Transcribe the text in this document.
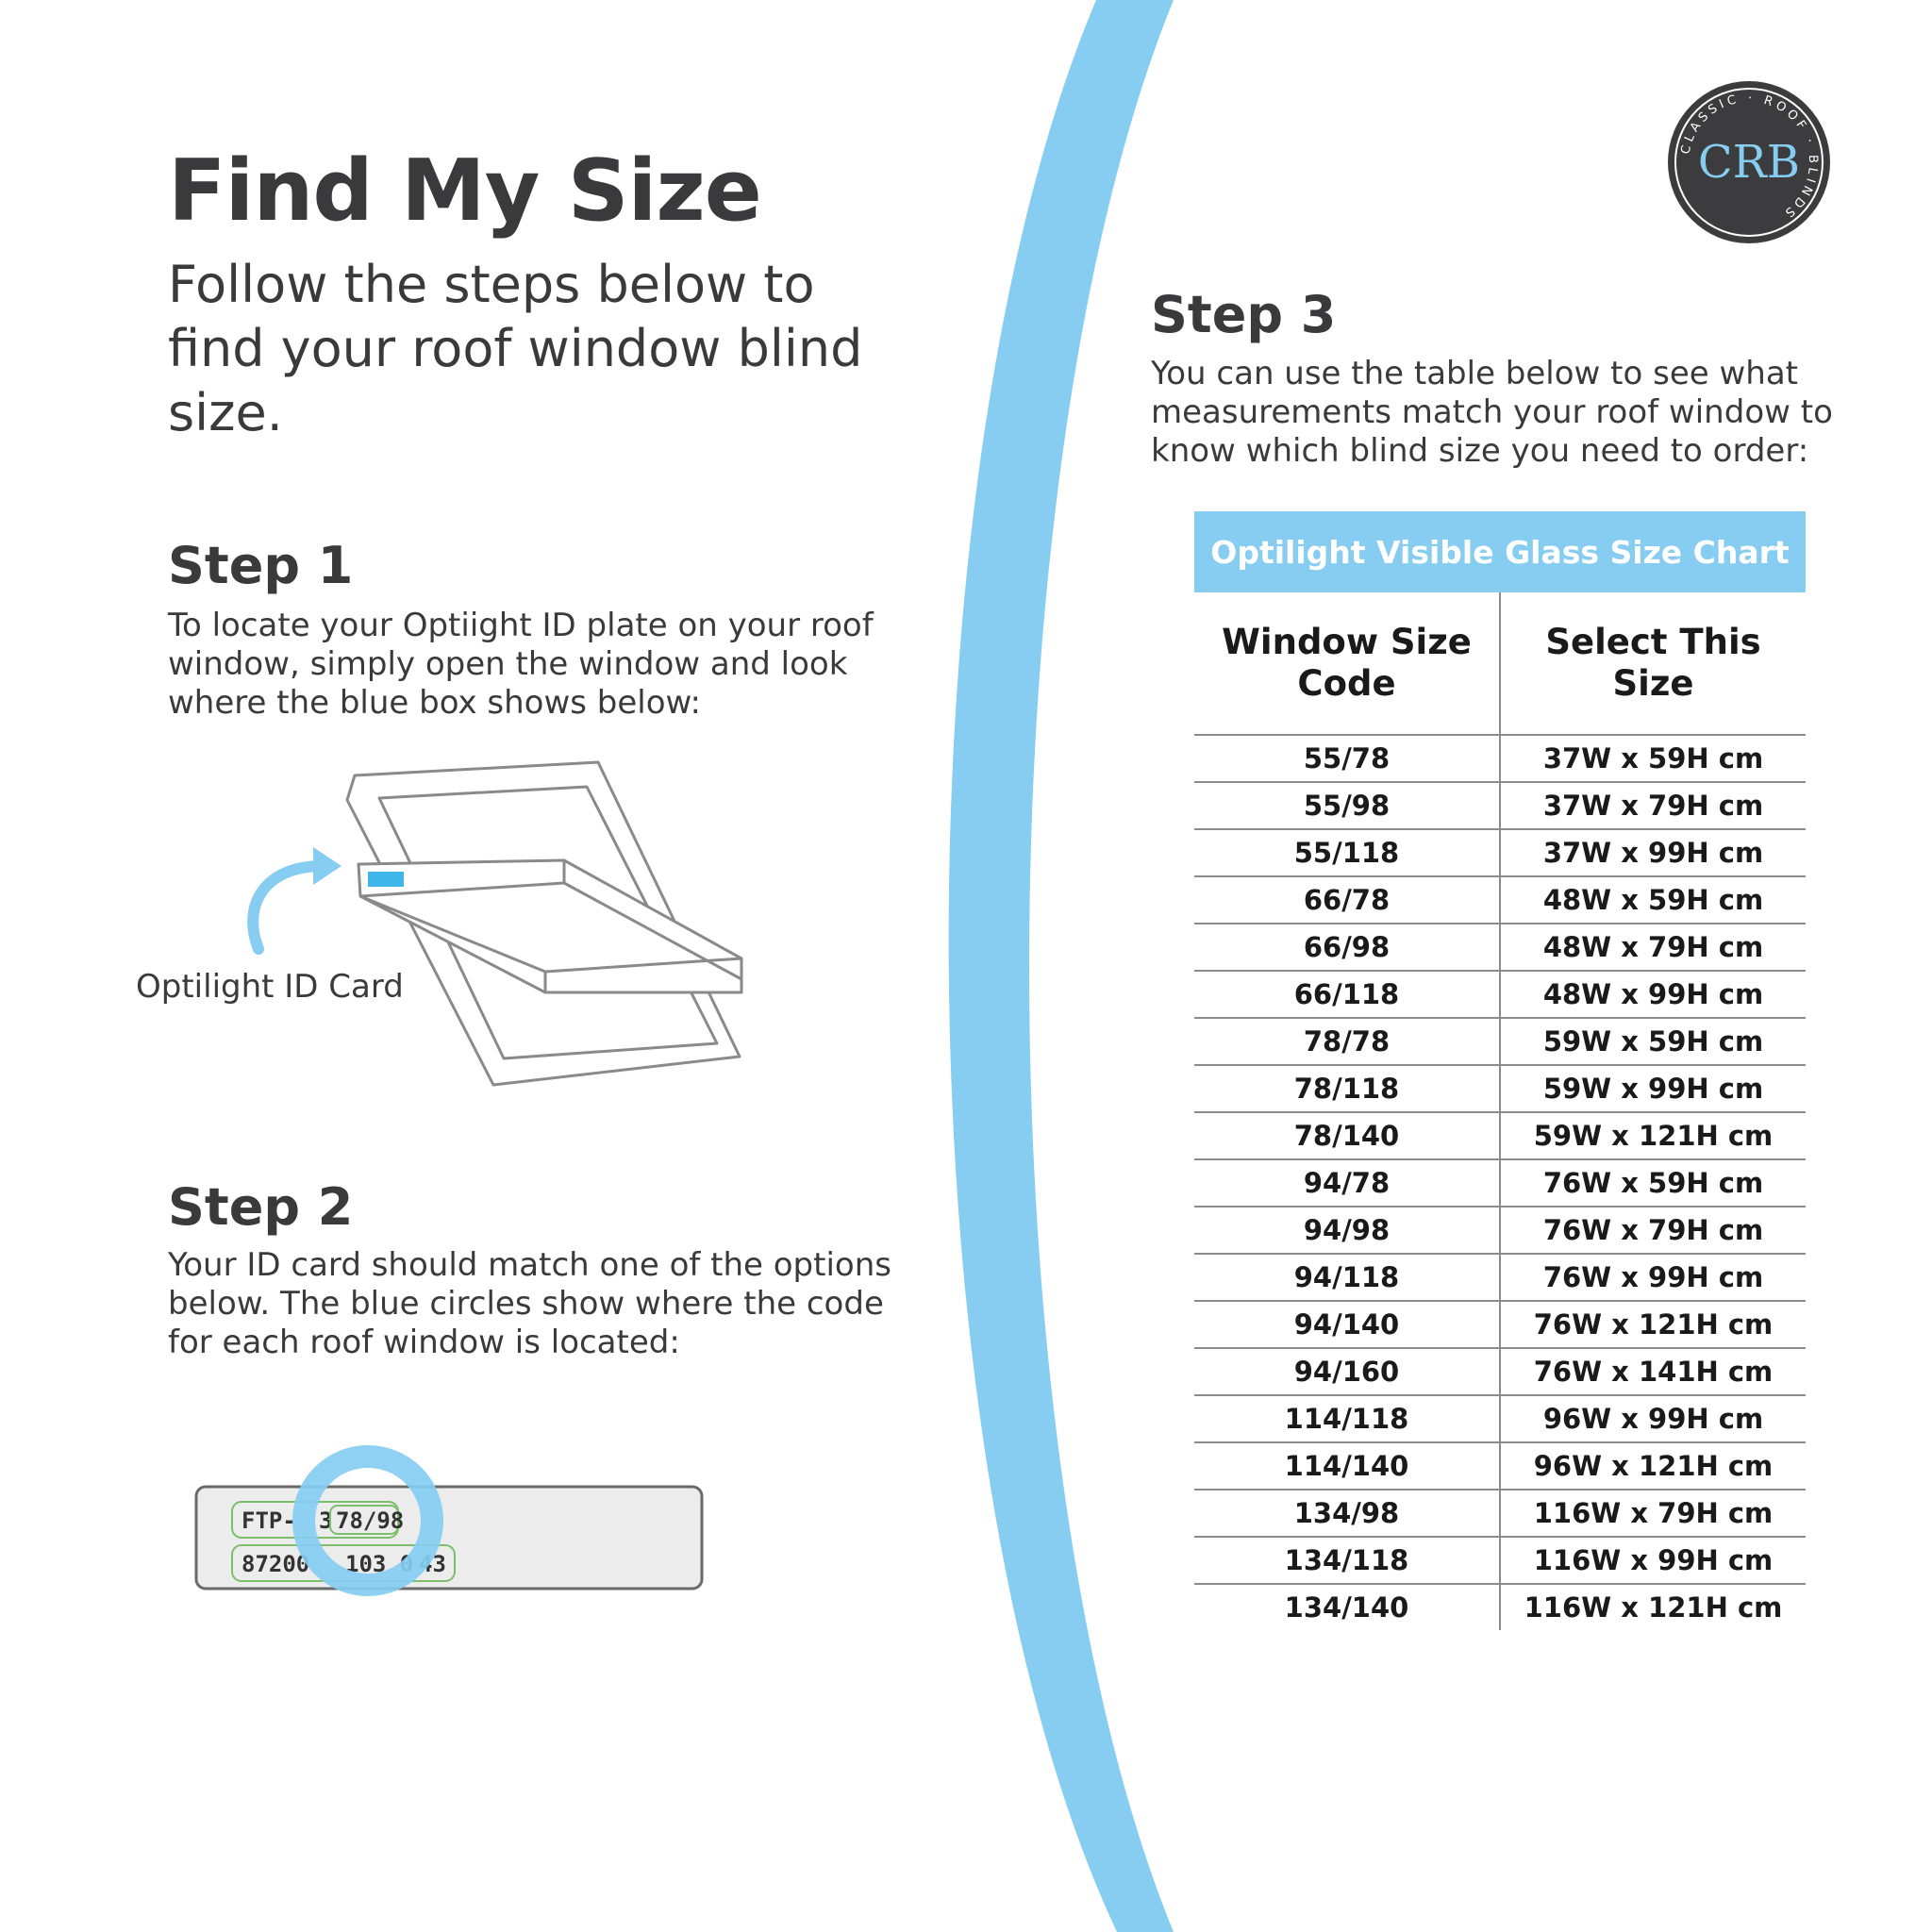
Find My Size

Follow the steps below to find your roof window blind size.

CLASSIC · ROOF · BLINDS
CRB
Step 1

To locate your Optiight ID plate on your roof window, simply open the window and look where the blue box shows below:

Optilight ID Card
Step 2

Your ID card should match one of the options below. The blue circles show where the code for each roof window is located:

FTP- 3 78/98
87200 103 0 43
Step 3

You can use the table below to see what measurements match your roof window to know which blind size you need to order:

Optilight Visible Glass Size Chart
Window Size Code	Select This Size
55/78	37W x 59H cm
55/98	37W x 79H cm
55/118	37W x 99H cm
66/78	48W x 59H cm
66/98	48W x 79H cm
66/118	48W x 99H cm
78/78	59W x 59H cm
78/118	59W x 99H cm
78/140	59W x 121H cm
94/78	76W x 59H cm
94/98	76W x 79H cm
94/118	76W x 99H cm
94/140	76W x 121H cm
94/160	76W x 141H cm
114/118	96W x 99H cm
114/140	96W x 121H cm
134/98	116W x 79H cm
134/118	116W x 99H cm
134/140	116W x 121H cm
